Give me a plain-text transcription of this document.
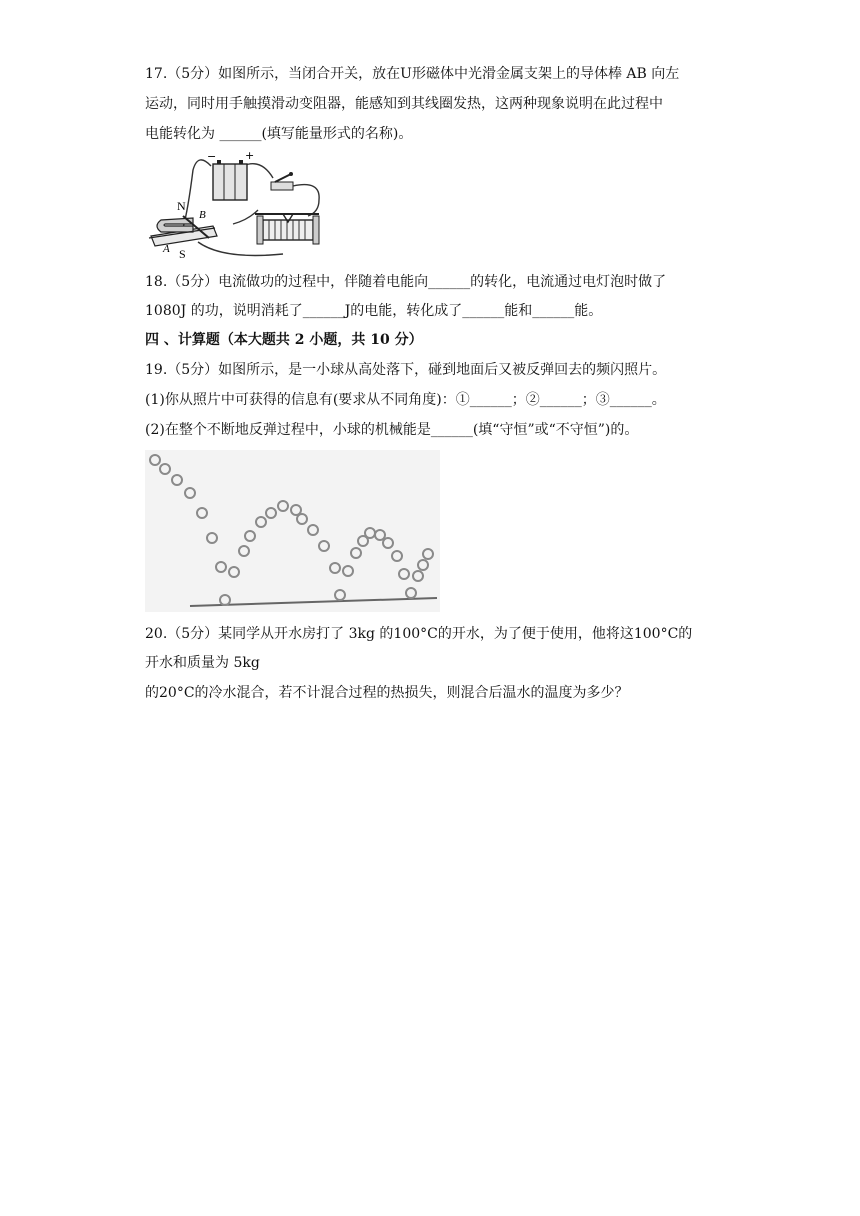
17.（5分）如图所示，当闭合开关，放在U形磁体中光滑金属支架上的导体棒 AB 向左
运动，同时用手触摸滑动变阻器，能感知到其线圈发热，这两种现象说明在此过程中
电能转化为 ______(填写能量形式的名称)。
−	+
N
B
A S
18.（5分）电流做功的过程中，伴随着电能向______的转化，电流通过电灯泡时做了
1080J 的功，说明消耗了______J的电能，转化成了______能和______能。
四 、计算题（本大题共 2 小题，共 10 分）
19.（5分）如图所示，是一小球从高处落下，碰到地面后又被反弹回去的频闪照片。
(1)你从照片中可获得的信息有(要求从不同角度)：①______；②______；③______。
(2)在整个不断地反弹过程中，小球的机械能是______(填“守恒”或“不守恒”)的。
20.（5分）某同学从开水房打了 3kg 的100°C的开水，为了便于使用，他将这100°C的
开水和质量为 5kg
的20°C的冷水混合，若不计混合过程的热损失，则混合后温水的温度为多少？
